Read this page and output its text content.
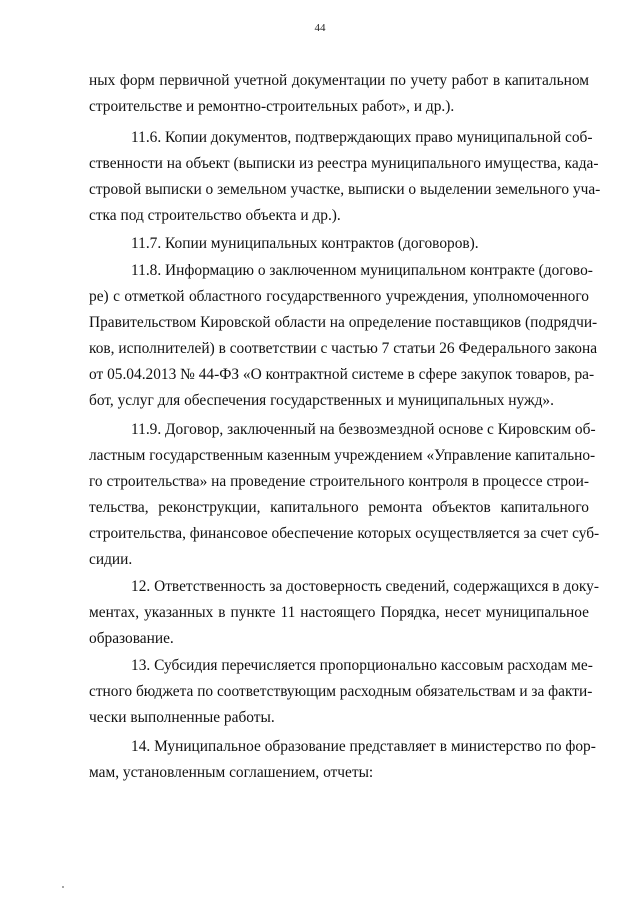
44
ных форм первичной учетной документации по учету работ в капитальном
строительстве и ремонтно-строительных работ», и др.).
11.6. Копии документов, подтверждающих право муниципальной соб-
ственности на объект (выписки из реестра муниципального имущества, када-
стровой выписки о земельном участке, выписки о выделении земельного уча-
стка под строительство объекта и др.).
11.7. Копии муниципальных контрактов (договоров).
11.8. Информацию о заключенном муниципальном контракте (догово-
ре) с отметкой областного государственного учреждения, уполномоченного
Правительством Кировской области на определение поставщиков (подрядчи-
ков, исполнителей) в соответствии с частью 7 статьи 26 Федерального закона
от 05.04.2013 № 44-ФЗ «О контрактной системе в сфере закупок товаров, ра-
бот, услуг для обеспечения государственных и муниципальных нужд».
11.9. Договор, заключенный на безвозмездной основе с Кировским об-
ластным государственным казенным учреждением «Управление капитально-
го строительства» на проведение строительного контроля в процессе строи-
тельства, реконструкции, капитального ремонта объектов капитального
строительства, финансовое обеспечение которых осуществляется за счет суб-
сидии.
12. Ответственность за достоверность сведений, содержащихся в доку-
ментах, указанных в пункте 11 настоящего Порядка, несет муниципальное
образование.
13. Субсидия перечисляется пропорционально кассовым расходам ме-
стного бюджета по соответствующим расходным обязательствам и за факти-
чески выполненные работы.
14. Муниципальное образование представляет в министерство по фор-
мам, установленным соглашением, отчеты:
